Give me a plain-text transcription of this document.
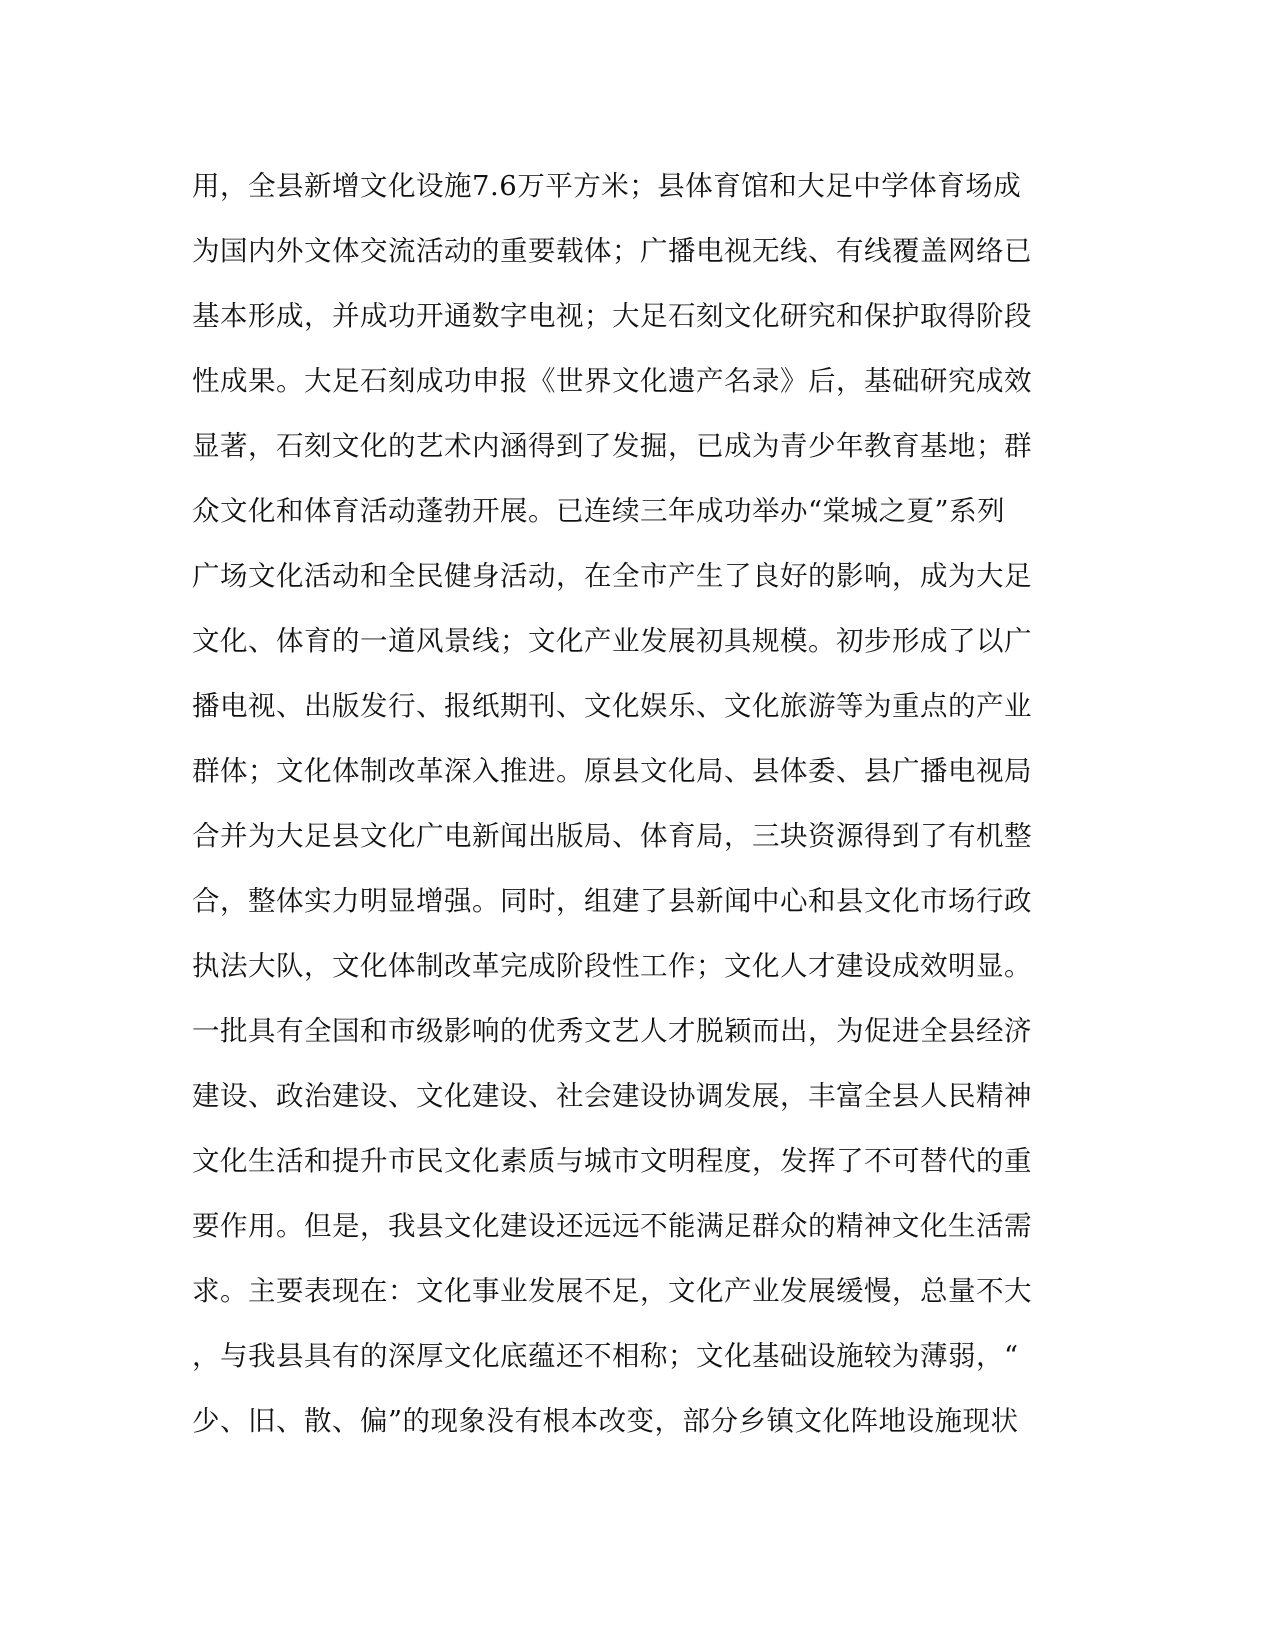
用，全县新增文化设施7.6万平方米；县体育馆和大足中学体育场成
为国内外文体交流活动的重要载体；广播电视无线、有线覆盖网络已
基本形成，并成功开通数字电视；大足石刻文化研究和保护取得阶段
性成果。大足石刻成功申报《世界文化遗产名录》后，基础研究成效
显著，石刻文化的艺术内涵得到了发掘，已成为青少年教育基地；群
众文化和体育活动蓬勃开展。已连续三年成功举办“棠城之夏”系列
广场文化活动和全民健身活动，在全市产生了良好的影响，成为大足
文化、体育的一道风景线；文化产业发展初具规模。初步形成了以广
播电视、出版发行、报纸期刊、文化娱乐、文化旅游等为重点的产业
群体；文化体制改革深入推进。原县文化局、县体委、县广播电视局
合并为大足县文化广电新闻出版局、体育局，三块资源得到了有机整
合，整体实力明显增强。同时，组建了县新闻中心和县文化市场行政
执法大队，文化体制改革完成阶段性工作；文化人才建设成效明显。
一批具有全国和市级影响的优秀文艺人才脱颖而出，为促进全县经济
建设、政治建设、文化建设、社会建设协调发展，丰富全县人民精神
文化生活和提升市民文化素质与城市文明程度，发挥了不可替代的重
要作用。但是，我县文化建设还远远不能满足群众的精神文化生活需
求。主要表现在：文化事业发展不足，文化产业发展缓慢，总量不大
，与我县具有的深厚文化底蕴还不相称；文化基础设施较为薄弱，“
少、旧、散、偏”的现象没有根本改变，部分乡镇文化阵地设施现状
